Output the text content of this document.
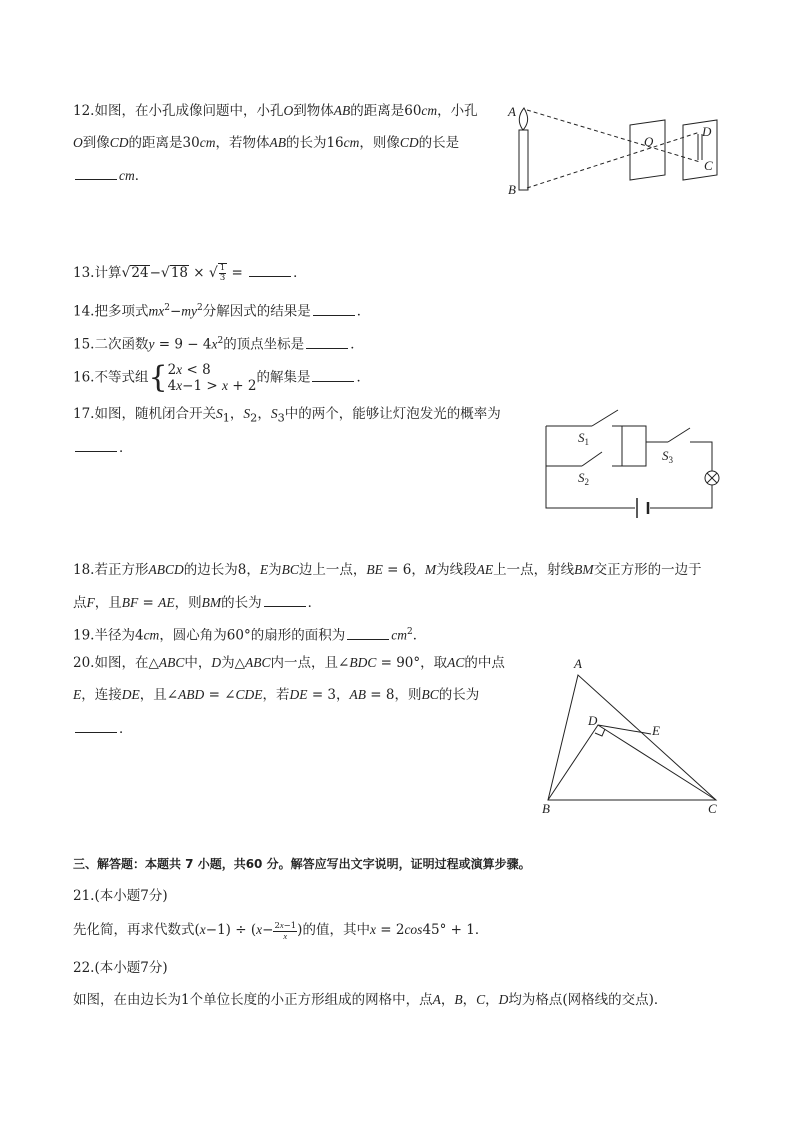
12.如图，在小孔成像问题中，小孔O到物体AB的距离是60cm，小孔
O到像CD的距离是30cm，若物体AB的长为16cm，则像CD的长是
cm．
A
B
O
D
C
13.计算√24−√18 × √ $\frac{1}{3}$ =	．
14.把多项式$mx^2-my^2$分解因式的结果是	．
15.二次函数$y = 9 - 4x^2$的顶点坐标是	．
16.不等式组{ 2x < 8
4x−1 > x + 2
的解集是	．
17.如图，随机闭合开关$S_1$，$S_2$，$S_3$中的两个，能够让灯泡发光的概率为
．
$S_1$
$S_2$
$S_3$
18.若正方形ABCD的边长为8，E为BC边上一点，BE = 6，M为线段AE上一点，射线BM交正方形的一边于
点F，且BF = AE，则BM的长为	．
19.半径为4cm，圆心角为60°的扇形的面积为	$cm^2$．
20.如图，在△ABC中，D为△ABC内一点，且∠BDC = 90°，取AC的中点
E，连接DE，且∠ABD = ∠CDE，若DE = 3，AB = 8，则BC的长为
．
A
B	C
D
E
三、解答题：本题共 7 小题，共60 分。解答应写出文字说明，证明过程或演算步骤。
21.(本小题7分)
先化简，再求代数式$(x-1) \div (x- \frac{2x-1}{x}$ )的值，其中x = 2cos45° + 1．
22.(本小题7分)
如图，在由边长为1个单位长度的小正方形组成的网格中，点A，B，C，D均为格点(网格线的交点)．
